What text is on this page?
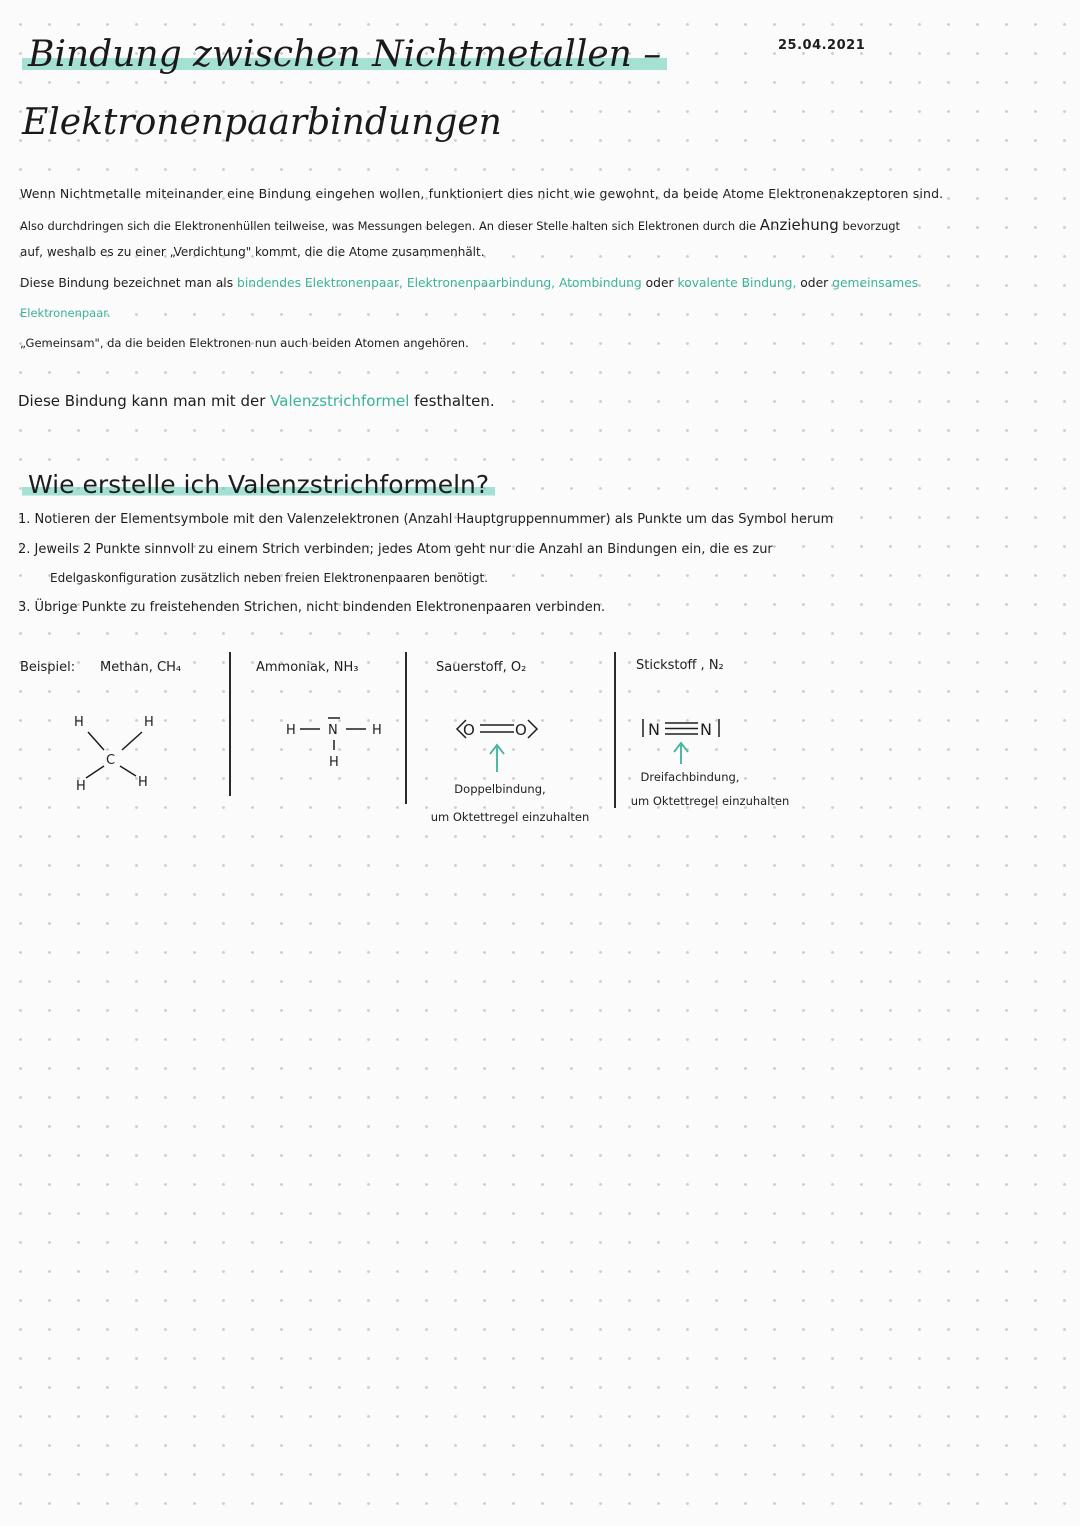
Bindung zwischen Nichtmetallen –
Elektronenpaarbindungen
25.04.2021
Wenn Nichtmetalle miteinander eine Bindung eingehen wollen, funktioniert dies nicht wie gewohnt, da beide Atome Elektronenakzeptoren sind.
Also durchdringen sich die Elektronenhüllen teilweise, was Messungen belegen. An dieser Stelle halten sich Elektronen durch die Anziehung bevorzugt
auf, weshalb es zu einer „Verdichtung" kommt, die die Atome zusammenhält.
Diese Bindung bezeichnet man als bindendes Elektronenpaar, Elektronenpaarbindung, Atombindung oder kovalente Bindung, oder gemeinsames
Elektronenpaar.
„Gemeinsam", da die beiden Elektronen nun auch beiden Atomen angehören.
Diese Bindung kann man mit der Valenzstrichformel festhalten.
Wie erstelle ich Valenzstrichformeln?
1. Notieren der Elementsymbole mit den Valenzelektronen (Anzahl Hauptgruppennummer) als Punkte um das Symbol herum
2. Jeweils 2 Punkte sinnvoll zu einem Strich verbinden; jedes Atom geht nur die Anzahl an Bindungen ein, die es zur
Edelgaskonfiguration zusätzlich neben freien Elektronenpaaren benötigt.
3. Übrige Punkte zu freistehenden Strichen, nicht bindenden Elektronenpaaren verbinden.
Beispiel: Methan, CH₄	Ammoniak, NH₃	Sauerstoff, O₂	Stickstoff , N₂
H	H
C
H	H
H N	H
H
O	O	N	N
Doppelbindung,
um Oktettregel einzuhalten
Dreifachbindung,
um Oktettregel einzuhalten
